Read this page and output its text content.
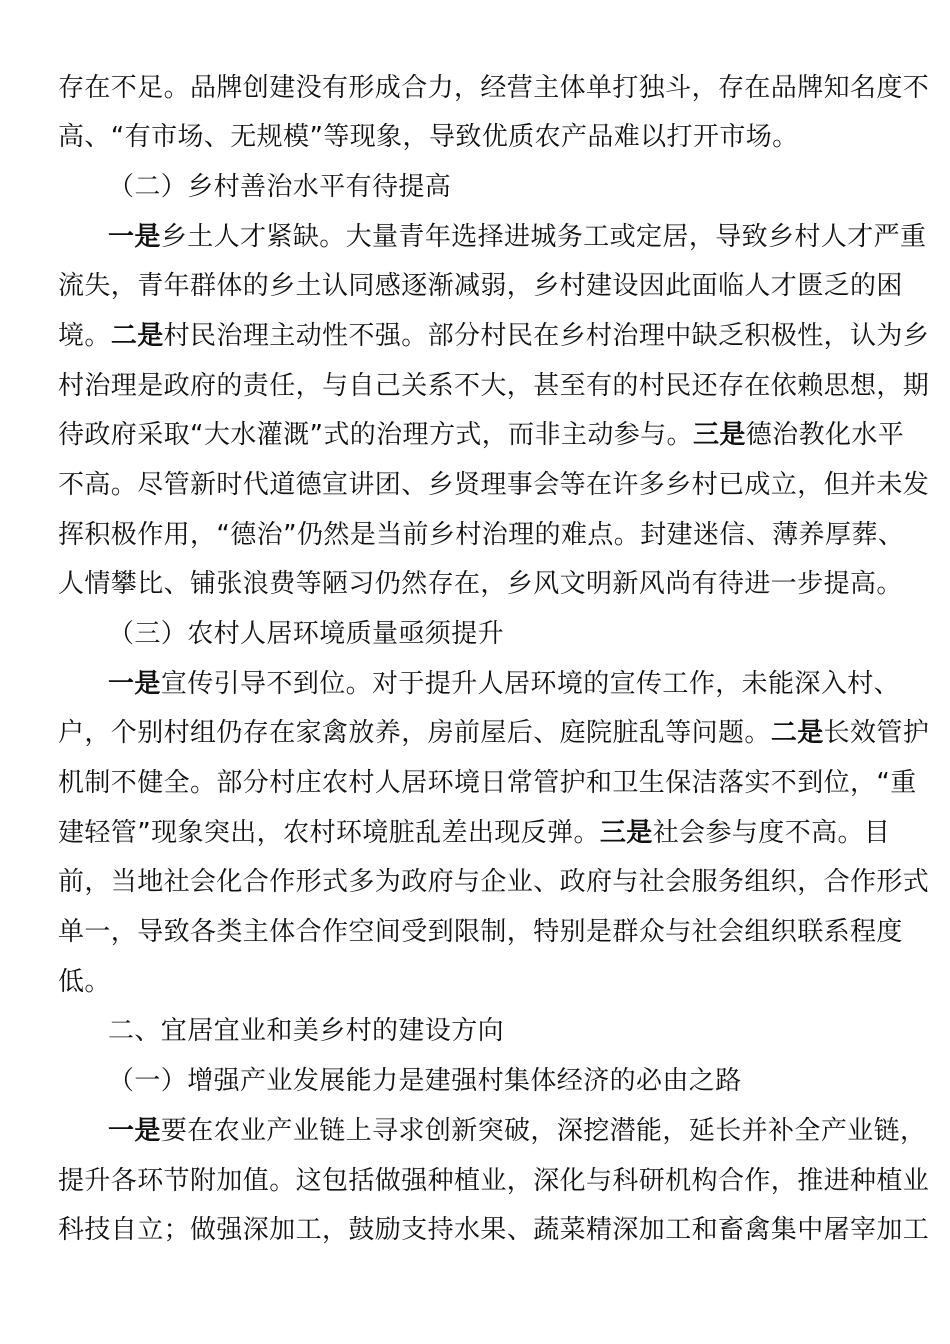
存在不足。品牌创建没有形成合力，经营主体单打独斗，存在品牌知名度不
高、“有市场、无规模”等现象，导致优质农产品难以打开市场。
（二）乡村善治水平有待提高
一是乡土人才紧缺。大量青年选择进城务工或定居，导致乡村人才严重
流失，青年群体的乡土认同感逐渐减弱，乡村建设因此面临人才匮乏的困
境。二是村民治理主动性不强。部分村民在乡村治理中缺乏积极性，认为乡
村治理是政府的责任，与自己关系不大，甚至有的村民还存在依赖思想，期
待政府采取“大水灌溉”式的治理方式，而非主动参与。三是德治教化水平
不高。尽管新时代道德宣讲团、乡贤理事会等在许多乡村已成立，但并未发
挥积极作用，“德治”仍然是当前乡村治理的难点。封建迷信、薄养厚葬、
人情攀比、铺张浪费等陋习仍然存在，乡风文明新风尚有待进一步提高。
（三）农村人居环境质量亟须提升
一是宣传引导不到位。对于提升人居环境的宣传工作，未能深入村、
户，个别村组仍存在家禽放养，房前屋后、庭院脏乱等问题。二是长效管护
机制不健全。部分村庄农村人居环境日常管护和卫生保洁落实不到位，“重
建轻管”现象突出，农村环境脏乱差出现反弹。三是社会参与度不高。目
前，当地社会化合作形式多为政府与企业、政府与社会服务组织，合作形式
单一，导致各类主体合作空间受到限制，特别是群众与社会组织联系程度
低。
二、宜居宜业和美乡村的建设方向
（一）增强产业发展能力是建强村集体经济的必由之路
一是要在农业产业链上寻求创新突破，深挖潜能，延长并补全产业链，
提升各环节附加值。这包括做强种植业，深化与科研机构合作，推进种植业
科技自立；做强深加工，鼓励支持水果、蔬菜精深加工和畜禽集中屠宰加工
